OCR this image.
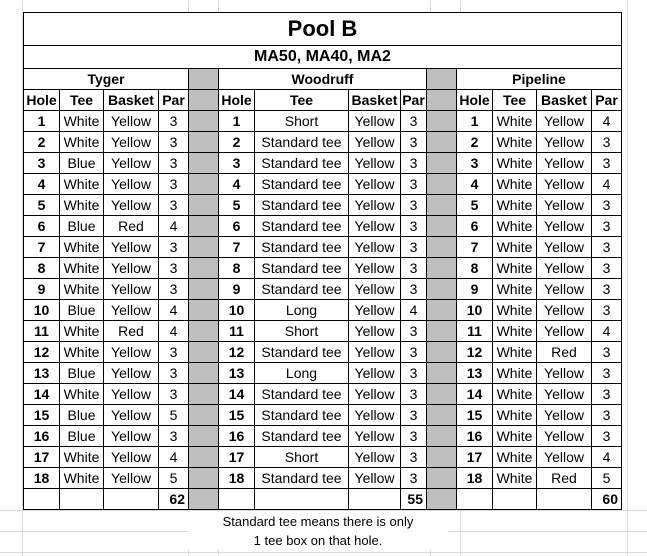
Pool B													
MA50, MA40, MA2													
Tyger					Woodruff					Pipeline			
Hole	Tee	Basket	Par		Hole	Tee	Basket	Par		Hole	Tee	Basket	Par
1	White	Yellow	3		1	Short	Yellow	3		1	White	Yellow	4
2	White	Yellow	3		2	Standard tee	Yellow	3		2	White	Yellow	3
3	Blue	Yellow	3		3	Standard tee	Yellow	3		3	White	Yellow	3
4	White	Yellow	3		4	Standard tee	Yellow	3		4	White	Yellow	4
5	White	Yellow	3		5	Standard tee	Yellow	3		5	White	Yellow	3
6	Blue	Red	4		6	Standard tee	Yellow	3		6	White	Yellow	3
7	White	Yellow	3		7	Standard tee	Yellow	3		7	White	Yellow	3
8	White	Yellow	3		8	Standard tee	Yellow	3		8	White	Yellow	3
9	White	Yellow	3		9	Standard tee	Yellow	3		9	White	Yellow	3
10	Blue	Yellow	4		10	Long	Yellow	4		10	White	Yellow	3
11	White	Red	4		11	Short	Yellow	3		11	White	Yellow	4
12	White	Yellow	3		12	Standard tee	Yellow	3		12	White	Red	3
13	Blue	Yellow	3		13	Long	Yellow	3		13	White	Yellow	3
14	White	Yellow	3		14	Standard tee	Yellow	3		14	White	Yellow	3
15	Blue	Yellow	5		15	Standard tee	Yellow	3		15	White	Yellow	3
16	Blue	Yellow	3		16	Standard tee	Yellow	3		16	White	Yellow	3
17	White	Yellow	4		17	Short	Yellow	3		17	White	Yellow	4
18	White	Yellow	5		18	Standard tee	Yellow	3		18	White	Red	5
			62					55					60
Standard tee means there is only
1 tee box on that hole.
